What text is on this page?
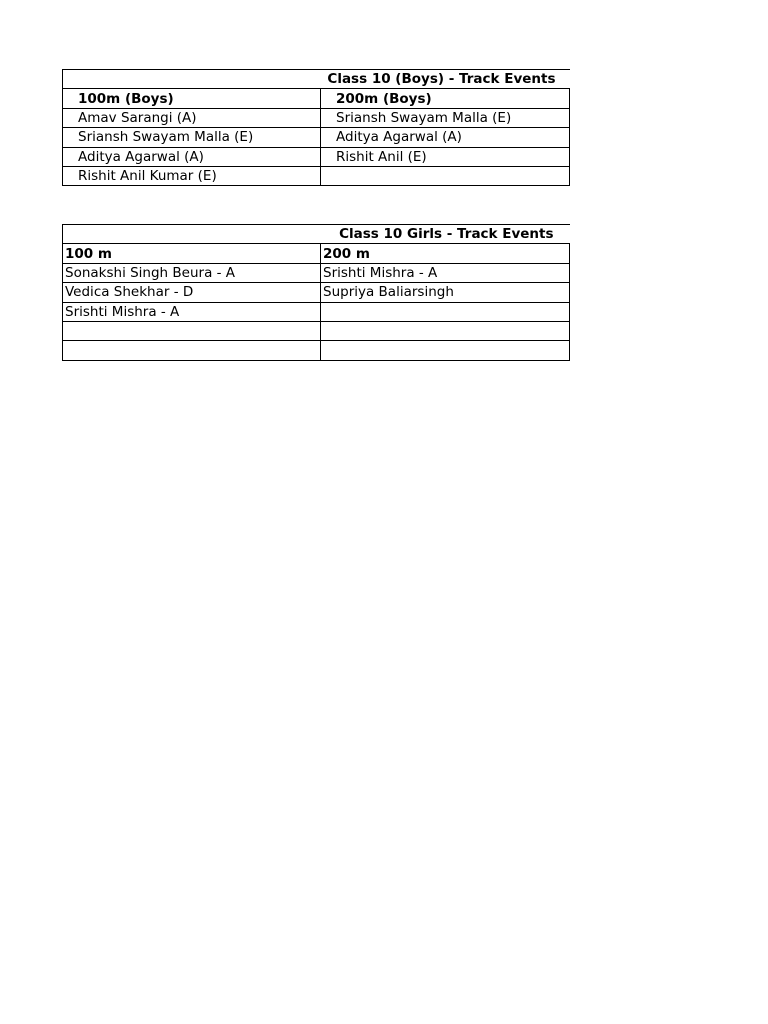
Class 10 (Boys) - Track Events	
100m (Boys)	200m (Boys)
Amav Sarangi (A)	Sriansh Swayam Malla (E)
Sriansh Swayam Malla (E)	Aditya Agarwal (A)
Aditya Agarwal (A)	Rishit Anil (E)
Rishit Anil Kumar (E)	
Class 10 Girls - Track Events	
100 m	200 m
Sonakshi Singh Beura - A	Srishti Mishra - A
Vedica Shekhar - D	Supriya Baliarsingh
Srishti Mishra - A	
